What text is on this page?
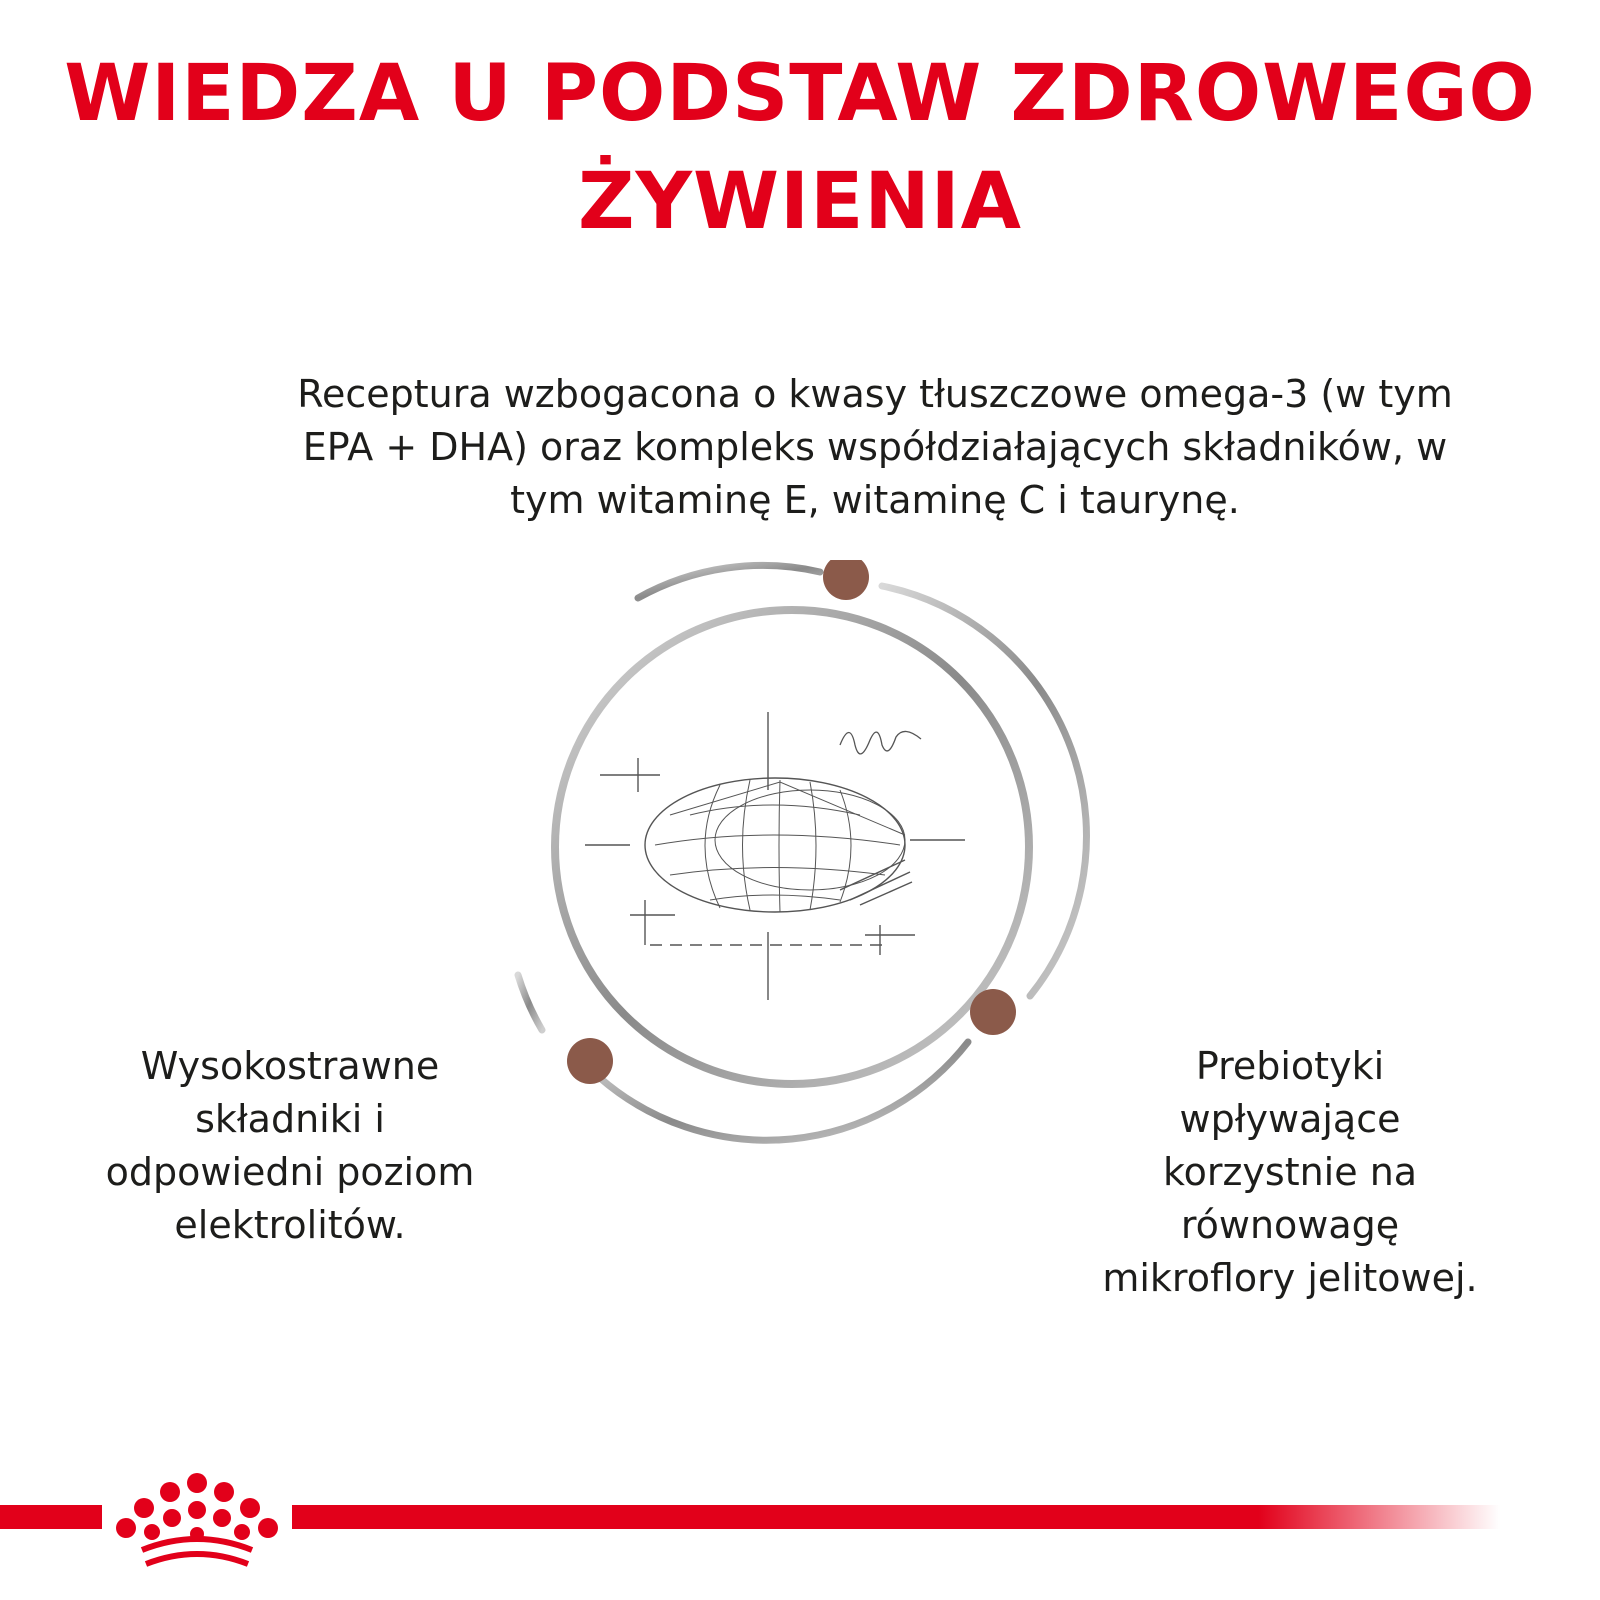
WIEDZA U PODSTAW ZDROWEGO
ŻYWIENIA
Receptura wzbogacona o kwasy tłuszczowe omega-3 (w tym
EPA + DHA) oraz kompleks współdziałających składników, w
tym witaminę E, witaminę C i taurynę.
Wysokostrawne
składniki i
odpowiedni poziom
elektrolitów.
Prebiotyki
wpływające
korzystnie na
równowagę
mikroflory jelitowej.
